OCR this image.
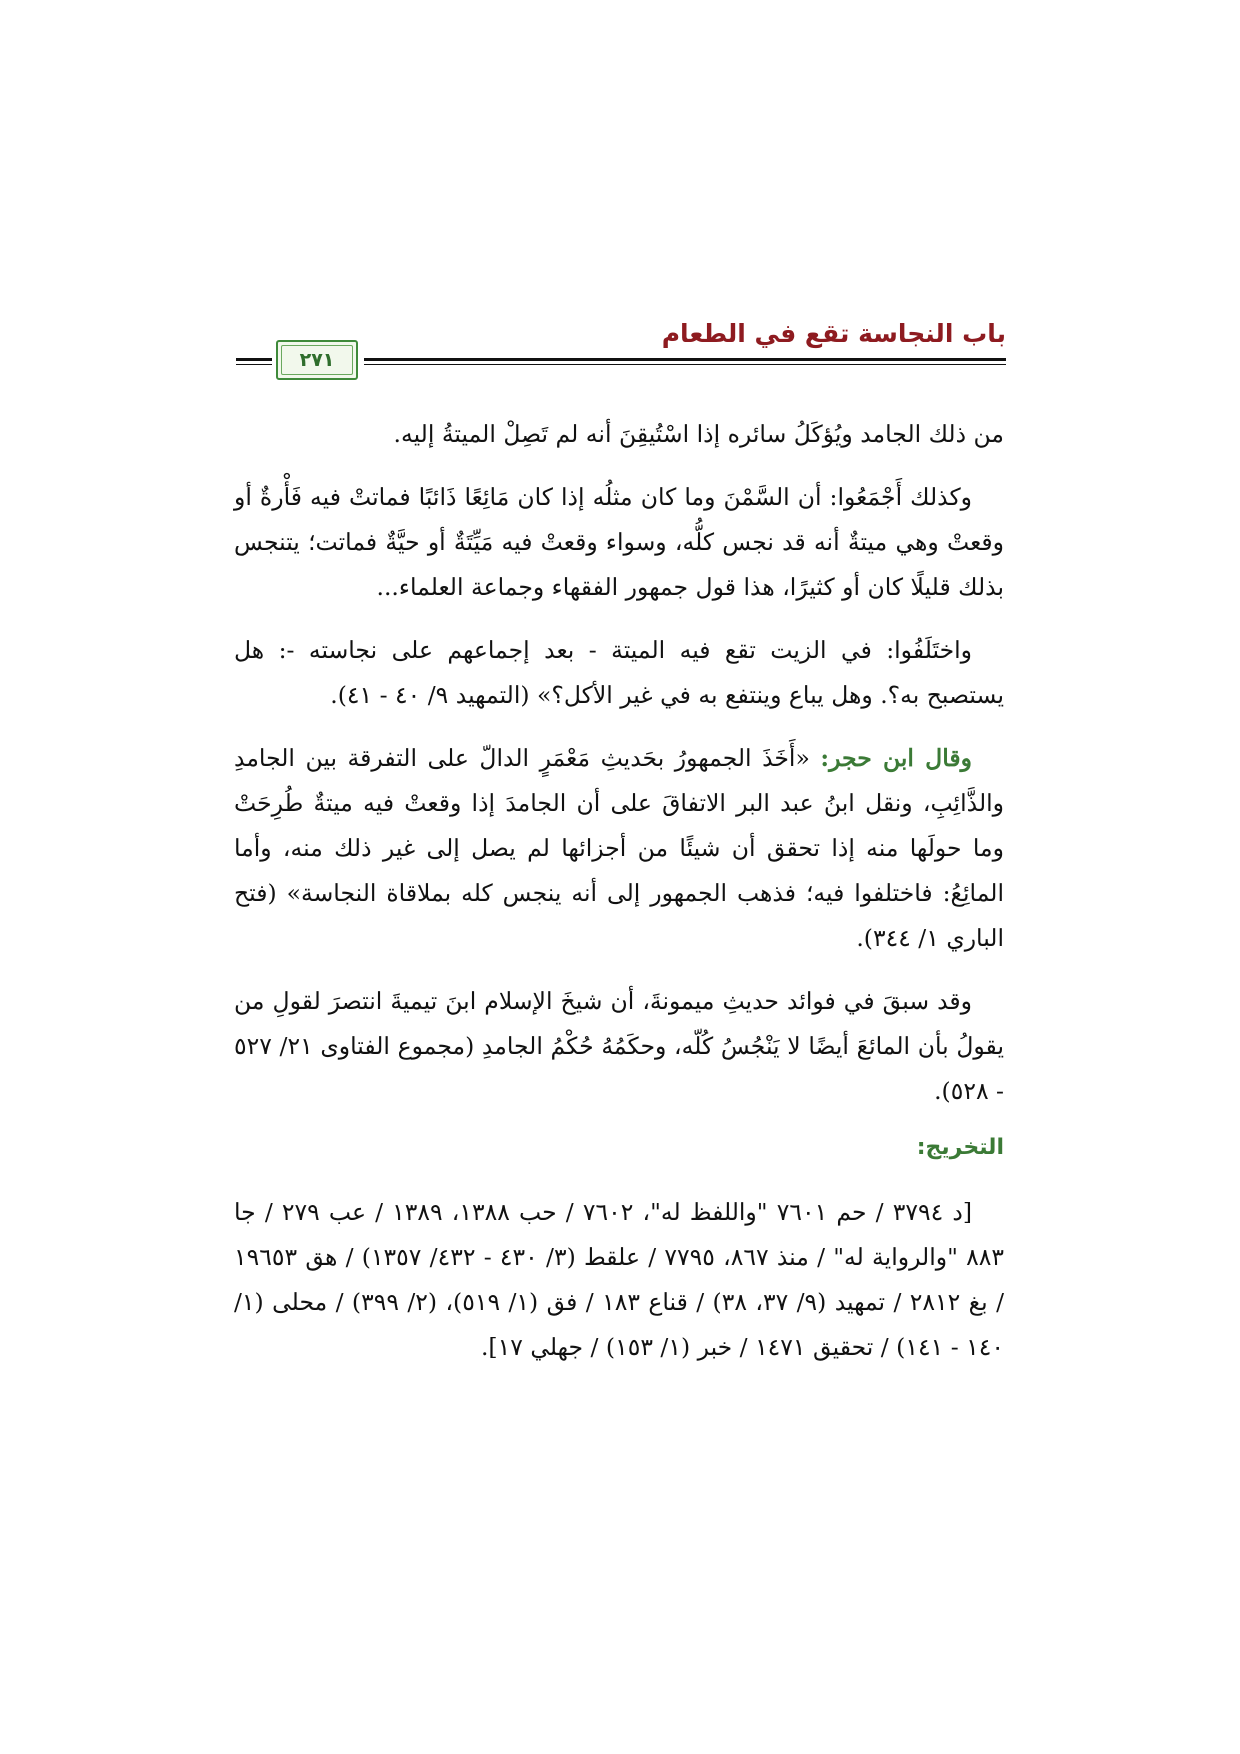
باب النجاسة تقع في الطعام
٢٧١

من ذلك الجامد ويُؤكَلُ سائره إذا اسْتُيقِنَ أنه لم تَصِلْ الميتةُ إليه.

وكذلك أَجْمَعُوا: أن السَّمْنَ وما كان مثلُه إذا كان مَائِعًا ذَائبًا فماتتْ فيه فَأْرةٌ أو وقعتْ وهي ميتةٌ أنه قد نجس كلُّه، وسواء وقعتْ فيه مَيِّتَةٌ أو حيَّةٌ فماتت؛ يتنجس بذلك قليلًا كان أو كثيرًا، هذا قول جمهور الفقهاء وجماعة العلماء...

واختَلَفُوا: في الزيت تقع فيه الميتة - بعد إجماعهم على نجاسته -: هل يستصبح به؟. وهل يباع وينتفع به في غير الأكل؟» (التمهيد ٩/ ٤٠ - ٤١).

وقال ابن حجر: «أَخَذَ الجمهورُ بحَديثِ مَعْمَرٍ الدالّ على التفرقة بين الجامدِ والذَّائِبِ، ونقل ابنُ عبد البر الاتفاقَ على أن الجامدَ إذا وقعتْ فيه ميتةٌ طُرِحَتْ وما حولَها منه إذا تحقق أن شيئًا من أجزائها لم يصل إلى غير ذلك منه، وأما المائِعُ: فاختلفوا فيه؛ فذهب الجمهور إلى أنه ينجس كله بملاقاة النجاسة» (فتح الباري ١/ ٣٤٤).

وقد سبقَ في فوائد حديثِ ميمونةَ، أن شيخَ الإسلام ابنَ تيميةَ انتصرَ لقولِ من يقولُ بأن المائعَ أيضًا لا يَنْجُسُ كُلّه، وحكَمُهُ حُكْمُ الجامدِ (مجموع الفتاوى ٢١/ ٥٢٧ - ٥٢٨).

التخريج:

[د ٣٧٩٤ / حم ٧٦٠١ "واللفظ له"، ٧٦٠٢ / حب ١٣٨٨، ١٣٨٩ / عب ٢٧٩ / جا ٨٨٣ "والرواية له" / منذ ٨٦٧، ٧٧٩٥ / علقط (٣/ ٤٣٠ - ٤٣٢/ ١٣٥٧) / هق ١٩٦٥٣ / بغ ٢٨١٢ / تمهيد (٩/ ٣٧، ٣٨) / قناع ١٨٣ / فق (١/ ٥١٩)، (٢/ ٣٩٩) / محلى (١/ ١٤٠ - ١٤١) / تحقيق ١٤٧١ / خبر (١/ ١٥٣) / جهلي ١٧].
